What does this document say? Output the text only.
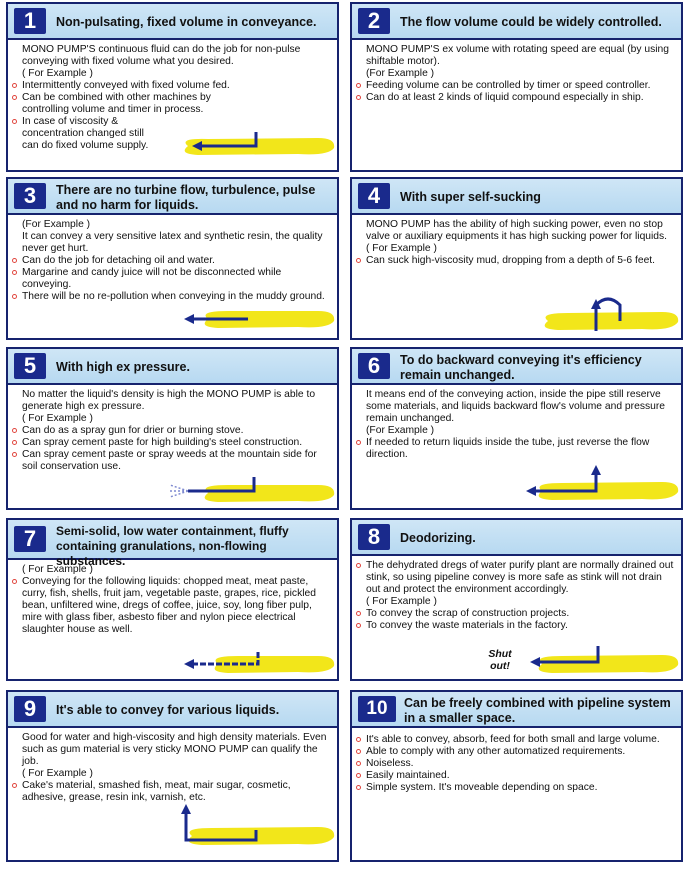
1	Non-pulsating, fixed volume in conveyance.

MONO PUMP'S continuous fluid can do the job for non-pulse conveying with fixed volume what you desired.

( For Example )

Intermittently conveyed with fixed volume fed.

Can be combined with other machines by controlling volume and timer in process.

In case of viscosity & concentration changed still can do fixed volume supply.

2	The flow volume could be widely controlled.

MONO PUMP'S ex volume with rotating speed are equal (by using shiftable motor).

(For Example )

Feeding volume can be controlled by timer or speed controller.

Can do at least 2 kinds of liquid compound especially in ship.

3	There are no turbine flow, turbulence, pulse and no harm for liquids.

(For Example )

It can convey a very sensitive latex and synthetic resin, the quality never get hurt.

Can do the job for detaching oil and water.

Margarine and candy juice will not be disconnected while conveying.

There will be no re-pollution when conveying in the muddy ground.

4	With super self-sucking

MONO PUMP has the ability of high sucking power, even no stop valve or auxiliary equipments it has high sucking power for liquids.

( For Example )

Can suck high-viscosity mud, dropping from a depth of 5-6 feet.

5	With high ex pressure.

No matter the liquid's density is high the MONO PUMP is able to generate high ex pressure.

( For Example )

Can do as a spray gun for drier or burning stove.

Can spray cement paste for high building's steel construction.

Can spray cement paste or spray weeds at the mountain side for soil conservation use.

6	To do backward conveying it's efficiency remain unchanged.

It means end of the conveying action, inside the pipe still reserve some materials, and liquids backward flow's volume and pressure remain unchanged.

(For Example )

If needed to return liquids inside the tube, just reverse the flow direction.

7	Semi-solid, low water containment, fluffy containing granulations, non-flowing substances.

( For Example )

Conveying for the following liquids: chopped meat, meat paste, curry, fish, shells, fruit jam, vegetable paste, grapes, rice, pickled bean, unfiltered wine, dregs of coffee, juice, soy, long fiber pulp, mire with glass fiber, asbesto fiber and nylon piece electrical slaughter house as well.

8	Deodorizing.

The dehydrated dregs of water purify plant are normally drained out stink, so using pipeline convey is more safe as stink will not drain out and protect the environment accordingly.

( For Example )

To convey the scrap of construction projects.

To convey the waste materials in the factory.

Shut out!
9	It's able to convey for various liquids.

Good for water and high-viscosity and high density materials. Even such as gum material is very sticky MONO PUMP can qualify the job.

( For Example )

Cake's material, smashed fish, meat, mair sugar, cosmetic, adhesive, grease, resin ink, varnish, etc.

10	Can be freely combined with pipeline system in a smaller space.

It's able to convey, absorb, feed for both small and large volume.

Able to comply with any other automatized requirements.

Noiseless.

Easily maintained.

Simple system. It's moveable depending on space.
